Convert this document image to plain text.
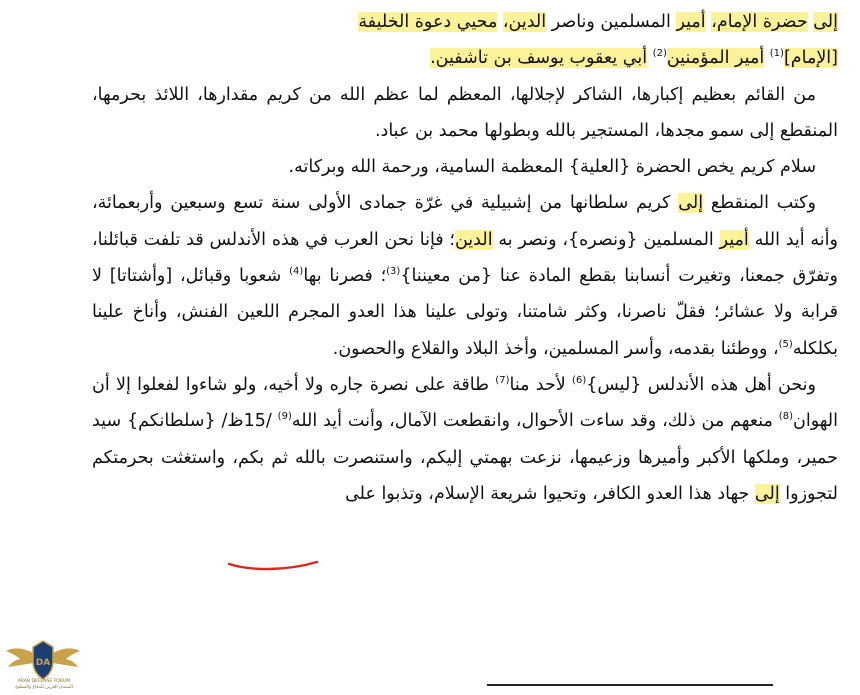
إلى حضرة الإمام، أمير المسلمين وناصر الدين، محيي دعوة الخليفة

[الإمام]$^{(1)}$ أمير المؤمنين$^{(2)}$ أبي يعقوب يوسف بن تاشفين.

من القائم بعظيم إكبارها، الشاكر لإجلالها، المعظم لما عظم الله من كريم مقدارها، اللائذ بحرمها، المنقطع إلى سمو مجدها، المستجير بالله وبطولها محمد بن عباد.

سلام كريم يخص الحضرة {العلية} المعظمة السامية، ورحمة الله وبركاته.

وكتب المنقطع إلى كريم سلطانها من إشبيلية في غرّة جمادى الأولى سنة تسع وسبعين وأربعمائة، وأنه أيد الله أمير المسلمين {ونصره}، ونصر به الدين؛ فإنا نحن العرب في هذه الأندلس قد تلفت قبائلنا، وتفرّق جمعنا، وتغيرت أنسابنا بقطع المادة عنا {من معيننا}$^{(3)}$؛ فصرنا بها$^{(4)}$ شعوبا وقبائل، [وأشتاتا] لا قرابة ولا عشائر؛ فقلّ ناصرنا، وكثر شامتنا، وتولى علينا هذا العدو المجرم اللعين الفنش، وأناخ علينا بكلكله$^{(5)}$، ووطئنا بقدمه، وأسر المسلمين، وأخذ البلاد والقلاع والحصون.

ونحن أهل هذه الأندلس {ليس}$^{(6)}$ لأحد منا$^{(7)}$ طاقة على نصرة جاره ولا أخيه، ولو شاءوا لفعلوا إلا أن الهوان$^{(8)}$ منعهم من ذلك، وقد ساءت الأحوال، وانقطعت الآمال، وأنت أيد الله$^{(9)}$ /15ظ/ {سلطانكم} سيد حمير، وملكها الأكبر وأميرها وزعيمها، نزعت بهمتي إليكم، واستنصرت بالله ثم بكم، واستغثت بحرمتكم لتجوزوا إلى جهاد هذا العدو الكافر، وتحيوا شريعة الإسلام، وتذبوا على

DA
ARAB DEFENSE FORUM
المنتدى العربي للدفاع والتسليح
